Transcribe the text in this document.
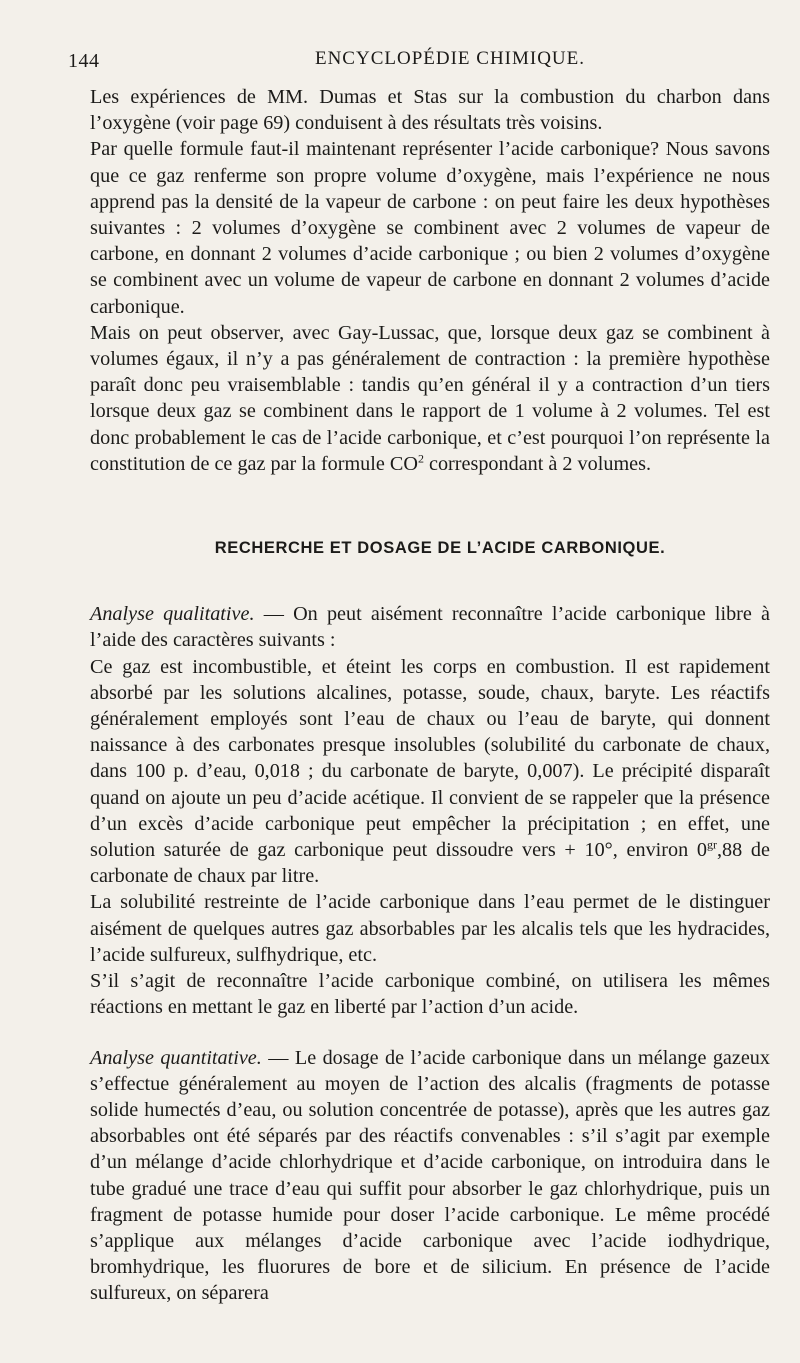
144	ENCYCLOPÉDIE CHIMIQUE.

Les expériences de MM. Dumas et Stas sur la combustion du charbon dans l’oxygène (voir page 69) conduisent à des résultats très voisins.

Par quelle formule faut-il maintenant représenter l’acide carbonique? Nous savons que ce gaz renferme son propre volume d’oxygène, mais l’expérience ne nous apprend pas la densité de la vapeur de carbone : on peut faire les deux hypothèses suivantes : 2 volumes d’oxygène se combinent avec 2 volumes de vapeur de carbone, en donnant 2 volumes d’acide carbonique ; ou bien 2 volumes d’oxygène se combinent avec un volume de vapeur de carbone en donnant 2 volumes d’acide carbonique.

Mais on peut observer, avec Gay-Lussac, que, lorsque deux gaz se combinent à volumes égaux, il n’y a pas généralement de contraction : la première hypothèse paraît donc peu vraisemblable : tandis qu’en général il y a contraction d’un tiers lorsque deux gaz se combinent dans le rapport de 1 volume à 2 volumes. Tel est donc probablement le cas de l’acide carbonique, et c’est pourquoi l’on représente la constitution de ce gaz par la formule $CO^2$ correspondant à 2 volumes.

RECHERCHE ET DOSAGE DE L’ACIDE CARBONIQUE.

Analyse qualitative. — On peut aisément reconnaître l’acide carbonique libre à l’aide des caractères suivants :

Ce gaz est incombustible, et éteint les corps en combustion. Il est rapidement absorbé par les solutions alcalines, potasse, soude, chaux, baryte. Les réactifs généralement employés sont l’eau de chaux ou l’eau de baryte, qui donnent naissance à des carbonates presque insolubles (solubilité du carbonate de chaux, dans 100 p. d’eau, 0,018 ; du carbonate de baryte, 0,007). Le précipité disparaît quand on ajoute un peu d’acide acétique. Il convient de se rappeler que la présence d’un excès d’acide carbonique peut empêcher la précipitation ; en effet, une solution saturée de gaz carbonique peut dissoudre vers + 10°, environ $0^{gr},88$ de carbonate de chaux par litre.

La solubilité restreinte de l’acide carbonique dans l’eau permet de le distinguer aisément de quelques autres gaz absorbables par les alcalis tels que les hydracides, l’acide sulfureux, sulfhydrique, etc.

S’il s’agit de reconnaître l’acide carbonique combiné, on utilisera les mêmes réactions en mettant le gaz en liberté par l’action d’un acide.

Analyse quantitative. — Le dosage de l’acide carbonique dans un mélange gazeux s’effectue généralement au moyen de l’action des alcalis (fragments de potasse solide humectés d’eau, ou solution concentrée de potasse), après que les autres gaz absorbables ont été séparés par des réactifs convenables : s’il s’agit par exemple d’un mélange d’acide chlorhydrique et d’acide carbonique, on introduira dans le tube gradué une trace d’eau qui suffit pour absorber le gaz chlorhydrique, puis un fragment de potasse humide pour doser l’acide carbonique. Le même procédé s’applique aux mélanges d’acide carbonique avec l’acide iodhydrique, bromhydrique, les fluorures de bore et de silicium. En présence de l’acide sulfureux, on séparera
